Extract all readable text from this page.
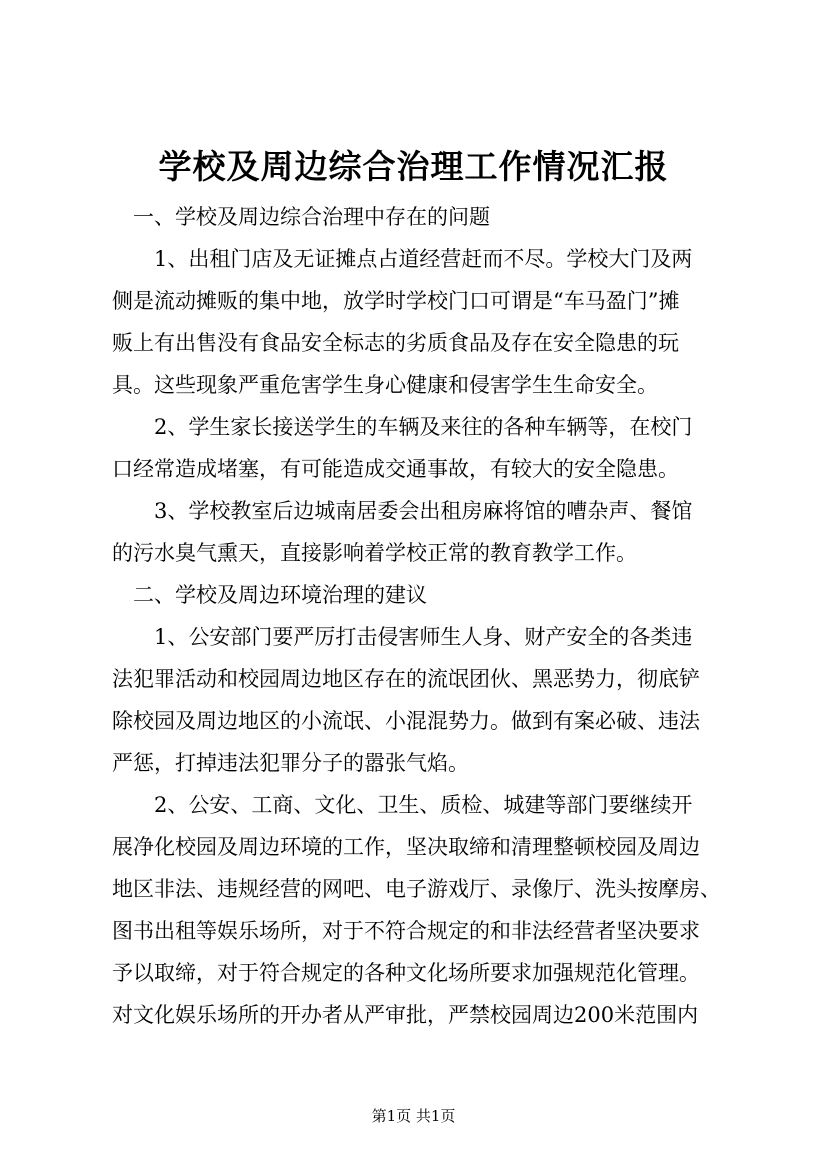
学校及周边综合治理工作情况汇报
　一、学校及周边综合治理中存在的问题
　　1、出租门店及无证摊点占道经营赶而不尽。学校大门及两
侧是流动摊贩的集中地，放学时学校门口可谓是“车马盈门”摊
贩上有出售没有食品安全标志的劣质食品及存在安全隐患的玩
具。这些现象严重危害学生身心健康和侵害学生生命安全。
　　2、学生家长接送学生的车辆及来往的各种车辆等，在校门
口经常造成堵塞，有可能造成交通事故，有较大的安全隐患。
　　3、学校教室后边城南居委会出租房麻将馆的嘈杂声、餐馆
的污水臭气熏天，直接影响着学校正常的教育教学工作。
　二、学校及周边环境治理的建议
　　1、公安部门要严厉打击侵害师生人身、财产安全的各类违
法犯罪活动和校园周边地区存在的流氓团伙、黑恶势力，彻底铲
除校园及周边地区的小流氓、小混混势力。做到有案必破、违法
严惩，打掉违法犯罪分子的嚣张气焰。
　　2、公安、工商、文化、卫生、质检、城建等部门要继续开
展净化校园及周边环境的工作，坚决取缔和清理整顿校园及周边
地区非法、违规经营的网吧、电子游戏厅、录像厅、洗头按摩房、
图书出租等娱乐场所，对于不符合规定的和非法经营者坚决要求
予以取缔，对于符合规定的各种文化场所要求加强规范化管理。
对文化娱乐场所的开办者从严审批，严禁校园周边200米范围内
第1页 共1页
